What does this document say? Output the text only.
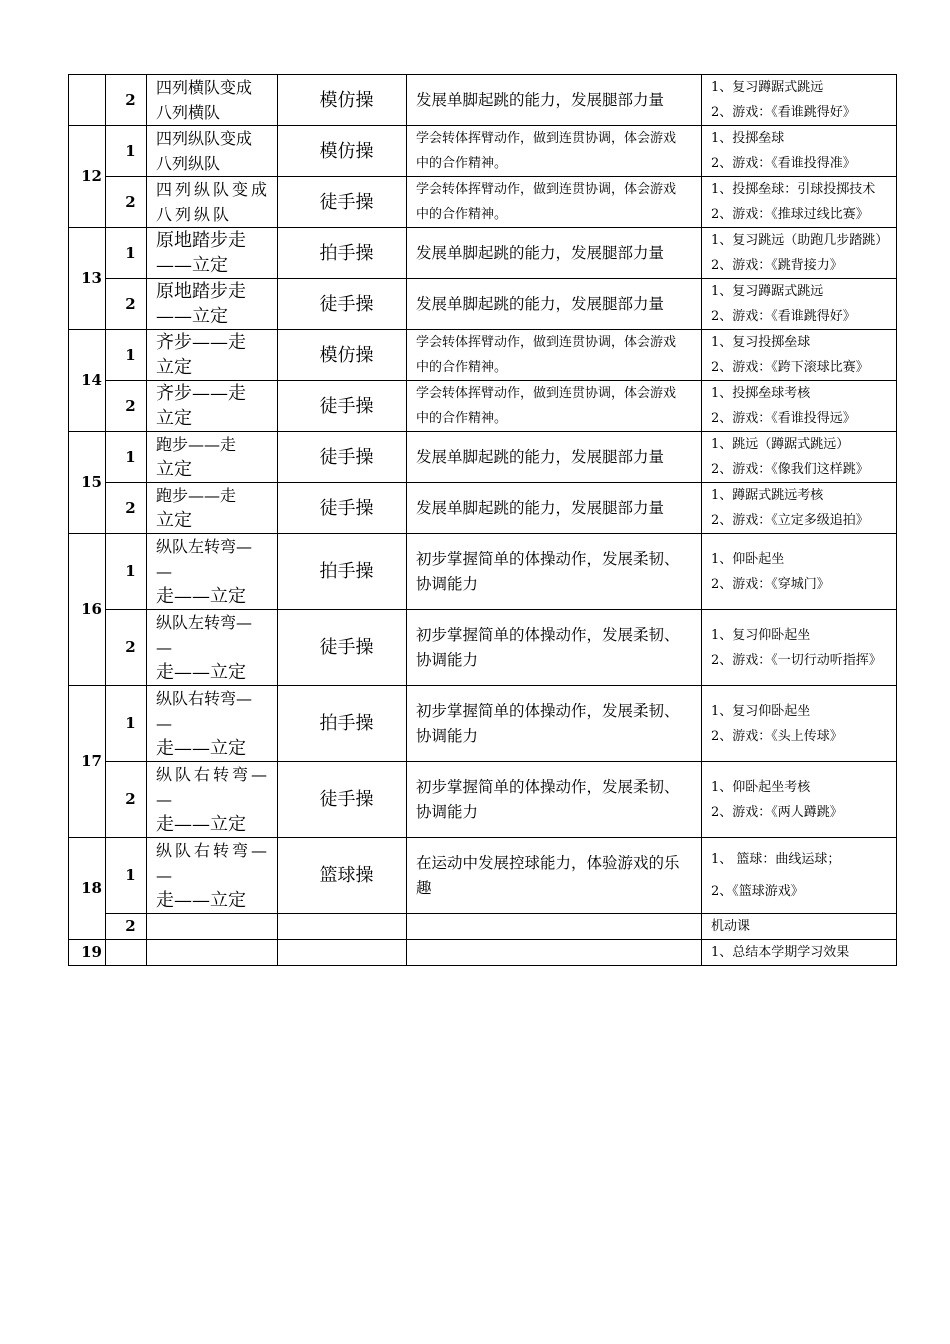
	2	四列横队变成
八列横队	模仿操	发展单脚起跳的能力，发展腿部力量	1、复习蹲踞式跳远
2、游戏：《看谁跳得好》

12	1	四列纵队变成
八列纵队	模仿操	学会转体挥臂动作，做到连贯协调，体会游戏
中的合作精神。	1、投掷垒球
2、游戏：《看谁投得准》

	2	四列纵队变成
八列纵队	徒手操	学会转体挥臂动作，做到连贯协调，体会游戏
中的合作精神。	1、投掷垒球：引球投掷技术
2、游戏：《推球过线比赛》

13	1	原地踏步走
——立定	拍手操	发展单脚起跳的能力，发展腿部力量	1、复习跳远（助跑几步踏跳）
2、游戏：《跳背接力》

	2	原地踏步走
——立定	徒手操	发展单脚起跳的能力，发展腿部力量	1、复习蹲踞式跳远
2、游戏：《看谁跳得好》

14	1	齐步——走
立定	模仿操	学会转体挥臂动作，做到连贯协调，体会游戏
中的合作精神。	1、复习投掷垒球
2、游戏：《跨下滚球比赛》

	2	齐步——走
立定	徒手操	学会转体挥臂动作，做到连贯协调，体会游戏
中的合作精神。	1、投掷垒球考核
2、游戏：《看谁投得远》

15	1	跑步——走
立定	徒手操	发展单脚起跳的能力，发展腿部力量	1、跳远（蹲踞式跳远）
2、游戏：《像我们这样跳》

	2	跑步——走
立定	徒手操	发展单脚起跳的能力，发展腿部力量	1、蹲踞式跳远考核
2、游戏：《立定多级追拍》

16	1	纵队左转弯—
—
走——立定	拍手操	初步掌握简单的体操动作，发展柔韧、
协调能力	1、仰卧起坐
2、游戏：《穿城门》

	2	纵队左转弯—
—
走——立定	徒手操	初步掌握简单的体操动作，发展柔韧、
协调能力	1、复习仰卧起坐
2、游戏：《一切行动听指挥》

17	1	纵队右转弯—
—
走——立定	拍手操	初步掌握简单的体操动作，发展柔韧、
协调能力	1、复习仰卧起坐
2、游戏：《头上传球》

	2	纵队右转弯—
—
走——立定	徒手操	初步掌握简单的体操动作，发展柔韧、
协调能力	1、仰卧起坐考核
2、游戏：《两人蹲跳》

18	1	纵队右转弯—
—
走——立定	篮球操	在运动中发展控球能力，体验游戏的乐
趣	1、 篮球：曲线运球；
2、《篮球游戏》

	2				机动课

19					1、总结本学期学习效果
